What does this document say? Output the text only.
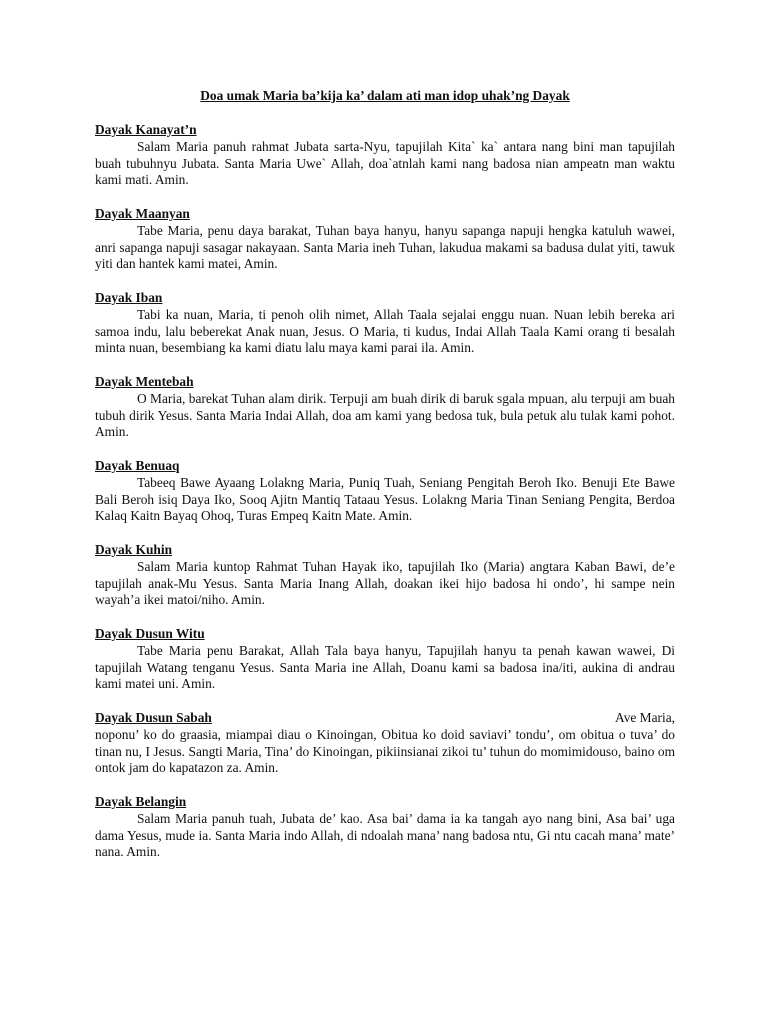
Doa umak Maria ba’kija ka’ dalam ati man idop uhak’ng Dayak
Dayak Kanayat’n

Salam Maria panuh rahmat Jubata sarta-Nyu, tapujilah Kita` ka` antara nang bini man tapujilah buah tubuhnyu Jubata. Santa Maria Uwe` Allah, doa`atnlah kami nang badosa nian ampeatn man waktu kami mati. Amin.

Dayak Maanyan

Tabe Maria, penu daya barakat, Tuhan baya hanyu, hanyu sapanga napuji hengka katuluh wawei, anri sapanga napuji sasagar nakayaan. Santa Maria ineh Tuhan, lakudua makami sa badusa dulat yiti, tawuk yiti dan hantek kami matei, Amin.

Dayak Iban

Tabi ka nuan, Maria, ti penoh olih nimet, Allah Taala sejalai enggu nuan. Nuan lebih bereka ari samoa indu, lalu beberekat Anak nuan, Jesus. O Maria, ti kudus, Indai Allah Taala Kami orang ti besalah minta nuan, besembiang ka kami diatu lalu maya kami parai ila. Amin.

Dayak Mentebah

O Maria, barekat Tuhan alam dirik. Terpuji am buah dirik di baruk sgala mpuan, alu terpuji am buah tubuh dirik Yesus. Santa Maria Indai Allah, doa am kami yang bedosa tuk, bula petuk alu tulak kami pohot. Amin.

Dayak Benuaq

Tabeeq Bawe Ayaang Lolakng Maria, Puniq Tuah, Seniang Pengitah Beroh Iko. Benuji Ete Bawe Bali Beroh isiq Daya Iko, Sooq Ajitn Mantiq Tataau Yesus. Lolakng Maria Tinan Seniang Pengita, Berdoa Kalaq Kaitn Bayaq Ohoq, Turas Empeq Kaitn Mate. Amin.

Dayak Kuhin

Salam Maria kuntop Rahmat Tuhan Hayak iko, tapujilah Iko (Maria) angtara Kaban Bawi, de’e tapujilah anak-Mu Yesus. Santa Maria Inang Allah, doakan ikei hijo badosa hi ondo’, hi sampe nein wayah’a ikei matoi/niho. Amin.

Dayak Dusun Witu

Tabe Maria penu Barakat, Allah Tala baya hanyu, Tapujilah hanyu ta penah kawan wawei, Di tapujilah Watang tenganu Yesus. Santa Maria ine Allah, Doanu kami sa badosa ina/iti, aukina di andrau kami matei uni. Amin.

Dayak Dusun Sabah	Ave Maria,

noponu’ ko do graasia, miampai diau o Kinoingan, Obitua ko doid saviavi’ tondu’, om obitua o tuva’ do tinan nu, I Jesus. Sangti Maria, Tina’ do Kinoingan, pikiinsianai zikoi tu’ tuhun do momimidouso, baino om ontok jam do kapatazon za. Amin.

Dayak Belangin

Salam Maria panuh tuah, Jubata de’ kao. Asa bai’ dama ia ka tangah ayo nang bini, Asa bai’ uga dama Yesus, mude ia. Santa Maria indo Allah, di ndoalah mana’ nang badosa ntu, Gi ntu cacah mana’ mate’ nana. Amin.
